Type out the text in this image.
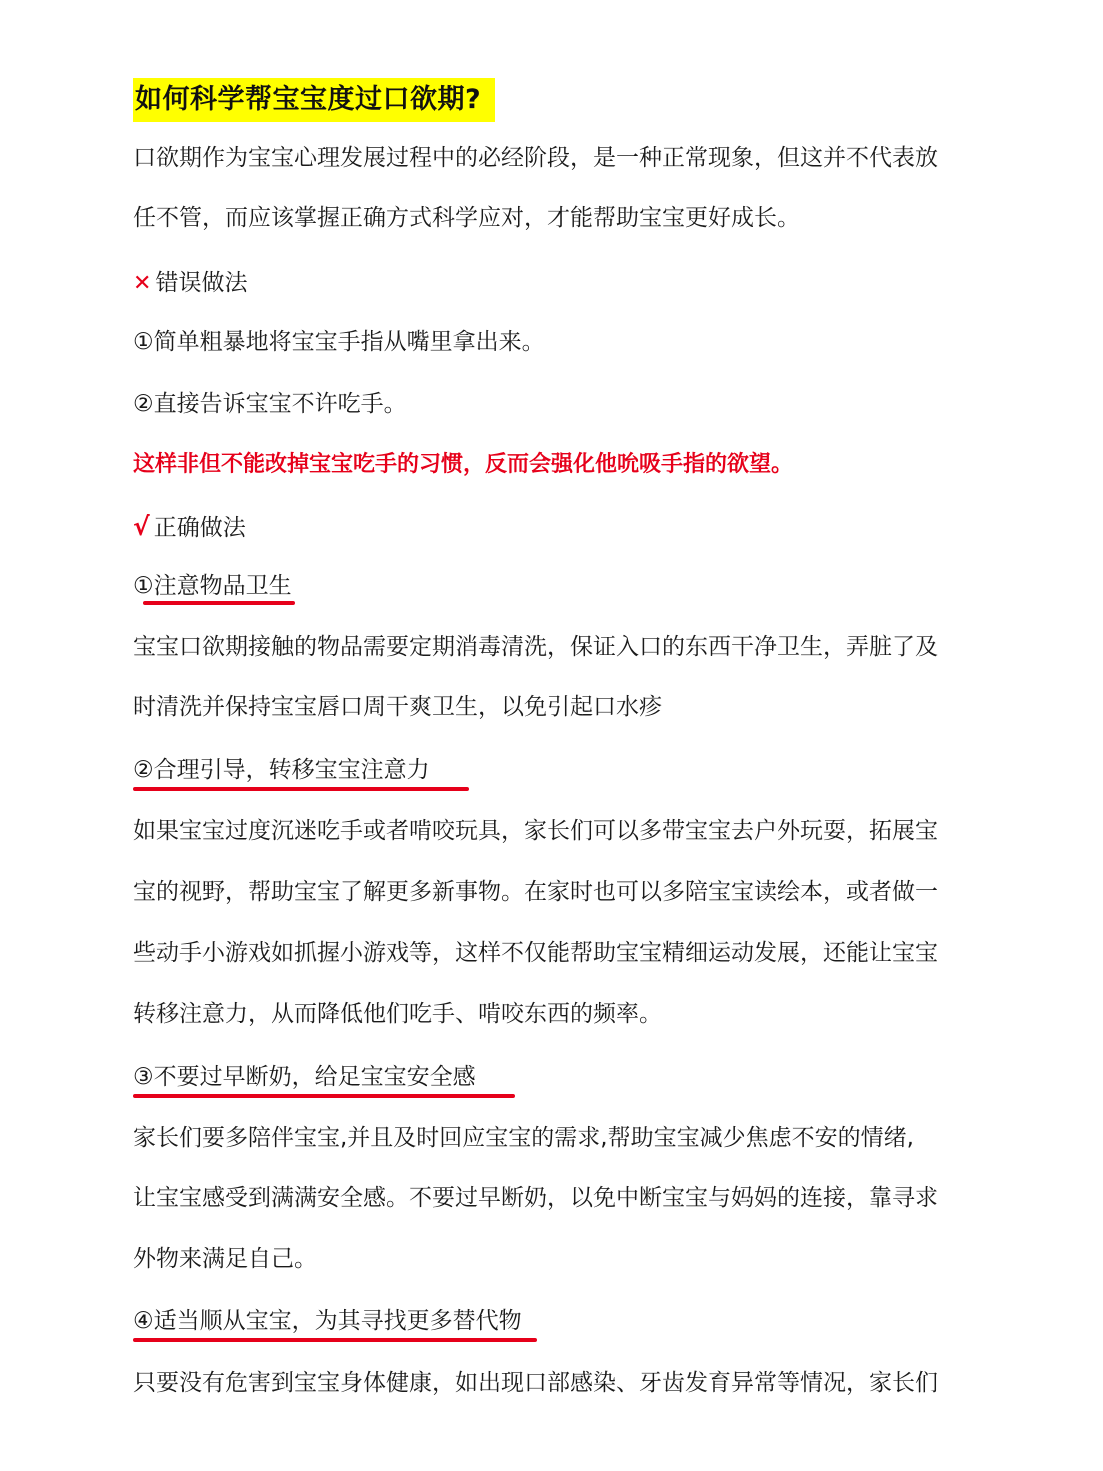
如何科学帮宝宝度过口欲期?
口欲期作为宝宝心理发展过程中的必经阶段，是一种正常现象，但这并不代表放
任不管，而应该掌握正确方式科学应对，才能帮助宝宝更好成长。
✕ 错误做法
①简单粗暴地将宝宝手指从嘴里拿出来。
②直接告诉宝宝不许吃手。
这样非但不能改掉宝宝吃手的习惯，反而会强化他吮吸手指的欲望。
√ 正确做法
①注意物品卫生
宝宝口欲期接触的物品需要定期消毒清洗，保证入口的东西干净卫生，弄脏了及
时清洗并保持宝宝唇口周干爽卫生，以免引起口水疹
②合理引导，转移宝宝注意力
如果宝宝过度沉迷吃手或者啃咬玩具，家长们可以多带宝宝去户外玩耍，拓展宝
宝的视野，帮助宝宝了解更多新事物。在家时也可以多陪宝宝读绘本，或者做一
些动手小游戏如抓握小游戏等，这样不仅能帮助宝宝精细运动发展，还能让宝宝
转移注意力，从而降低他们吃手、啃咬东西的频率。
③不要过早断奶，给足宝宝安全感
家长们要多陪伴宝宝,并且及时回应宝宝的需求,帮助宝宝减少焦虑不安的情绪,
让宝宝感受到满满安全感。不要过早断奶，以免中断宝宝与妈妈的连接，靠寻求
外物来满足自己。
④适当顺从宝宝，为其寻找更多替代物
只要没有危害到宝宝身体健康，如出现口部感染、牙齿发育异常等情况，家长们
